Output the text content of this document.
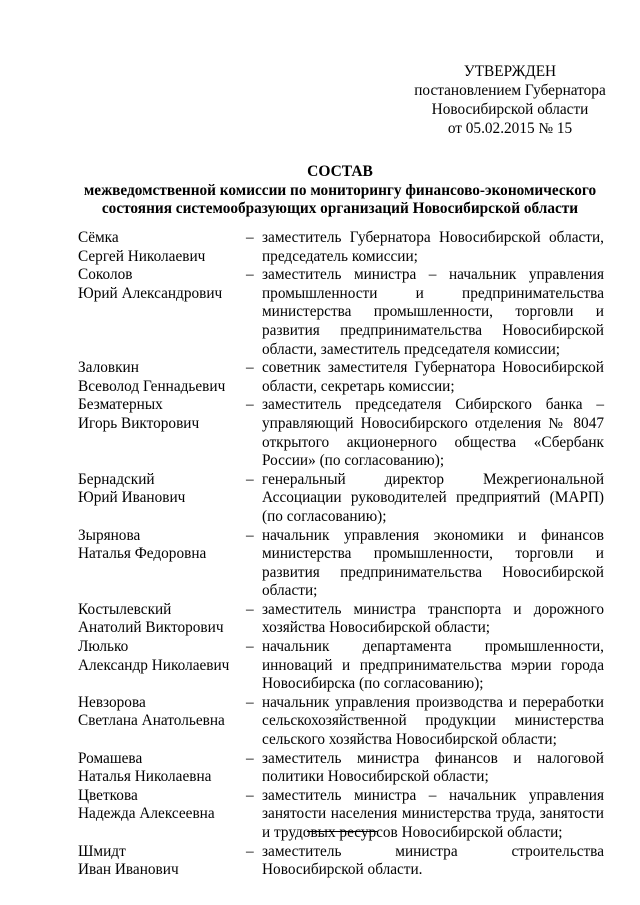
УТВЕРЖДЕН
постановлением Губернатора
Новосибирской области
от 05.02.2015 № 15
СОСТАВ
межведомственной комиссии по мониторингу финансово-экономического
состояния системообразующих организаций Новосибирской области
Сёмка
Сергей Николаевич
– заместитель Губернатора Новосибирской области, председатель комиссии;
Соколов
Юрий Александрович
– заместитель министра – начальник управления промышленности и предпринимательства министерства промышленности, торговли и развития предпринимательства Новосибирской области, заместитель председателя комиссии;
Заловкин
Всеволод Геннадьевич
– советник заместителя Губернатора Новосибирской области, секретарь комиссии;
Безматерных
Игорь Викторович
– заместитель председателя Сибирского банка – управляющий Новосибирского отделения № 8047 открытого акционерного общества «Сбербанк России» (по согласованию);
Бернадский
Юрий Иванович
– генеральный директор Межрегиональной Ассоциации руководителей предприятий (МАРП) (по согласованию);
Зырянова
Наталья Федоровна
– начальник управления экономики и финансов министерства промышленности, торговли и развития предпринимательства Новосибирской области;
Костылевский
Анатолий Викторович
– заместитель министра транспорта и дорожного хозяйства Новосибирской области;
Люлько
Александр Николаевич
– начальник департамента промышленности, инноваций и предпринимательства мэрии города Новосибирска (по согласованию);
Невзорова
Светлана Анатольевна
– начальник управления производства и переработки сельскохозяйственной продукции министерства сельского хозяйства Новосибирской области;
Ромашева
Наталья Николаевна
– заместитель министра финансов и налоговой политики Новосибирской области;
Цветкова
Надежда Алексеевна
– заместитель министра – начальник управления занятости населения министерства труда, занятости и трудовых ресурсов Новосибирской области;
Шмидт
Иван Иванович
– заместитель министра строительства Новосибирской области.
